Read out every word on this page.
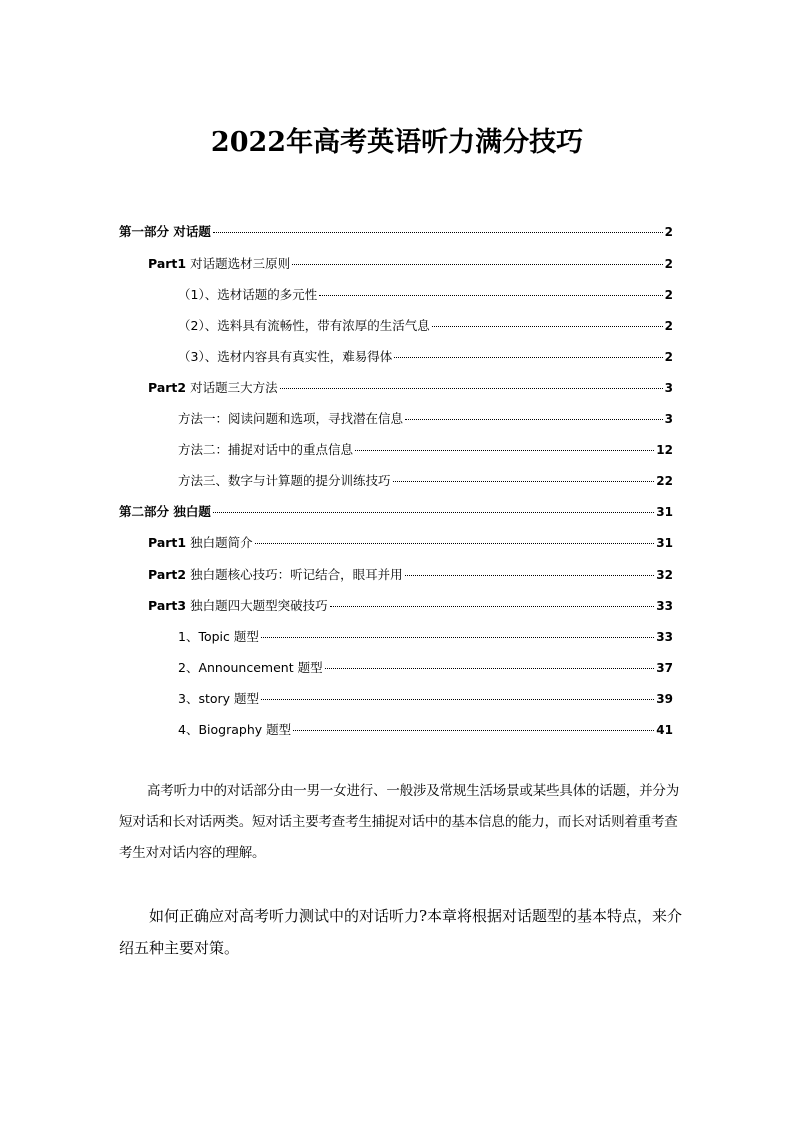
2022年高考英语听力满分技巧
第一部分 对话题	2
Part1 对话题选材三原则	2
（1）、选材话题的多元性	2
（2）、选料具有流畅性，带有浓厚的生活气息	2
（3）、选材内容具有真实性，难易得体	2
Part2 对话题三大方法	3
方法一：阅读问题和选项，寻找潜在信息	3
方法二：捕捉对话中的重点信息	12
方法三、数字与计算题的提分训练技巧	22
第二部分 独白题	31
Part1 独白题简介	31
Part2 独白题核心技巧：听记结合，眼耳并用	32
Part3 独白题四大题型突破技巧	33
1、Topic 题型	33
2、Announcement 题型	37
3、story 题型	39
4、Biography 题型	41

高考听力中的对话部分由一男一女进行、一般涉及常规生活场景或某些具体的话题，并分为短对话和长对话两类。短对话主要考查考生捕捉对话中的基本信息的能力，而长对话则着重考查考生对对话内容的理解。

如何正确应对高考听力测试中的对话听力?本章将根据对话题型的基本特点，来介绍五种主要对策。
